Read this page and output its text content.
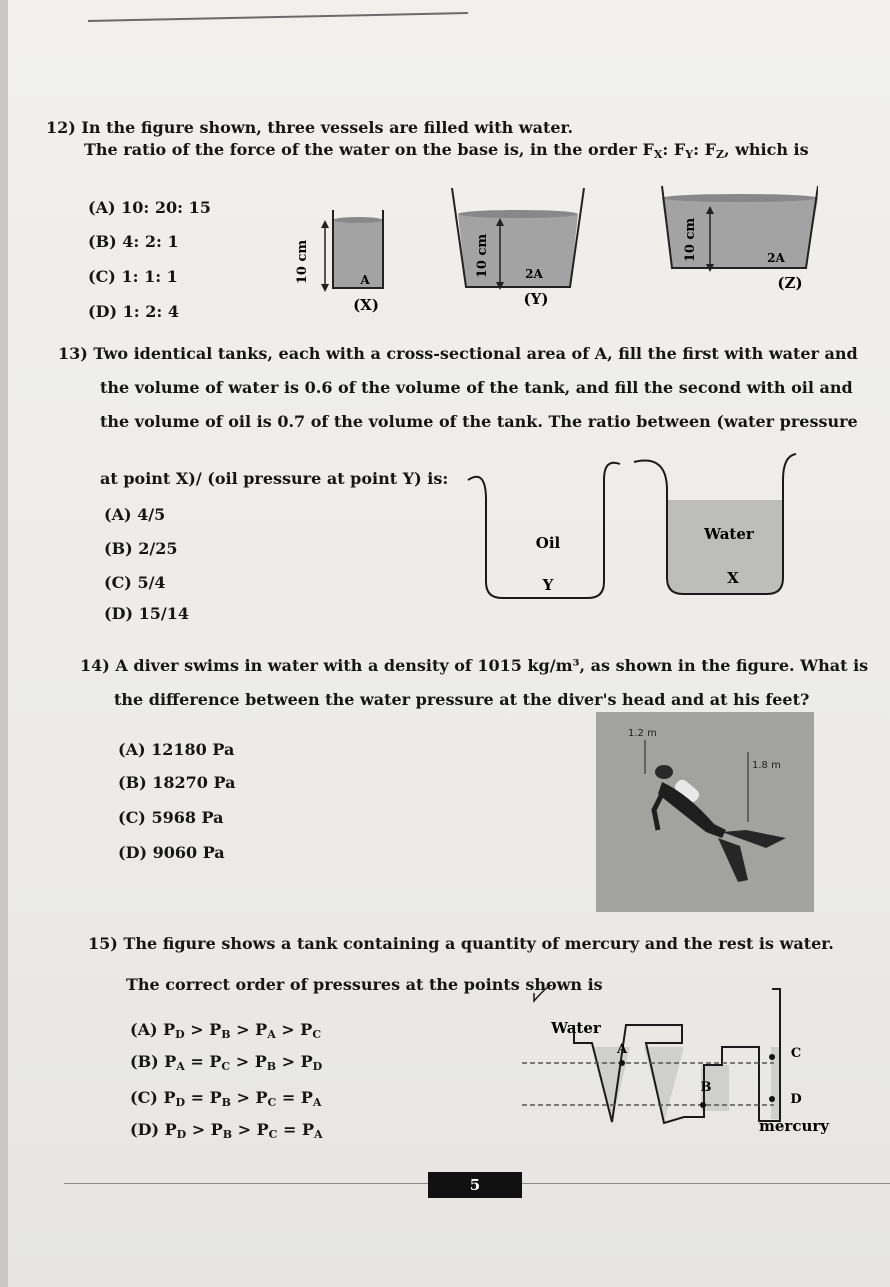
12) In the figure shown, three vessels are filled with water.
The ratio of the force of the water on the base is, in the order $F_X$: $F_Y$: $F_Z$, which is
(A) 10: 20: 15
(B) 4: 2: 1
(C) 1: 1: 1
(D) 1: 2: 4
10 cm	A
(X)
10 cm	2A
(Y)
10 cm	2A
(Z)
13) Two identical tanks, each with a cross-sectional area of A, fill the first with water and
the volume of water is 0.6 of the volume of the tank, and fill the second with oil and
the volume of oil is 0.7 of the volume of the tank. The ratio between (water pressure
at point X)/ (oil pressure at point Y) is:
(A) 4/5
(B) 2/25
(C) 5/4
(D) 15/14
Oil
Y
Water
X
14) A diver swims in water with a density of 1015 kg/m³, as shown in the figure. What is
the difference between the water pressure at the diver's head and at his feet?
(A) 12180 Pa
(B) 18270 Pa
(C) 5968 Pa
(D) 9060 Pa
1.2 m
1.8 m
15) The figure shows a tank containing a quantity of mercury and the rest is water.
The correct order of pressures at the points shown is
(A) $P_D > P_B > P_A > P_C$
(B) $P_A = P_C > P_B > P_D$
(C) $P_D = P_B > P_C = P_A$
(D) $P_D > P_B > P_C = P_A$
Water
A
B
C
D
mercury
5
